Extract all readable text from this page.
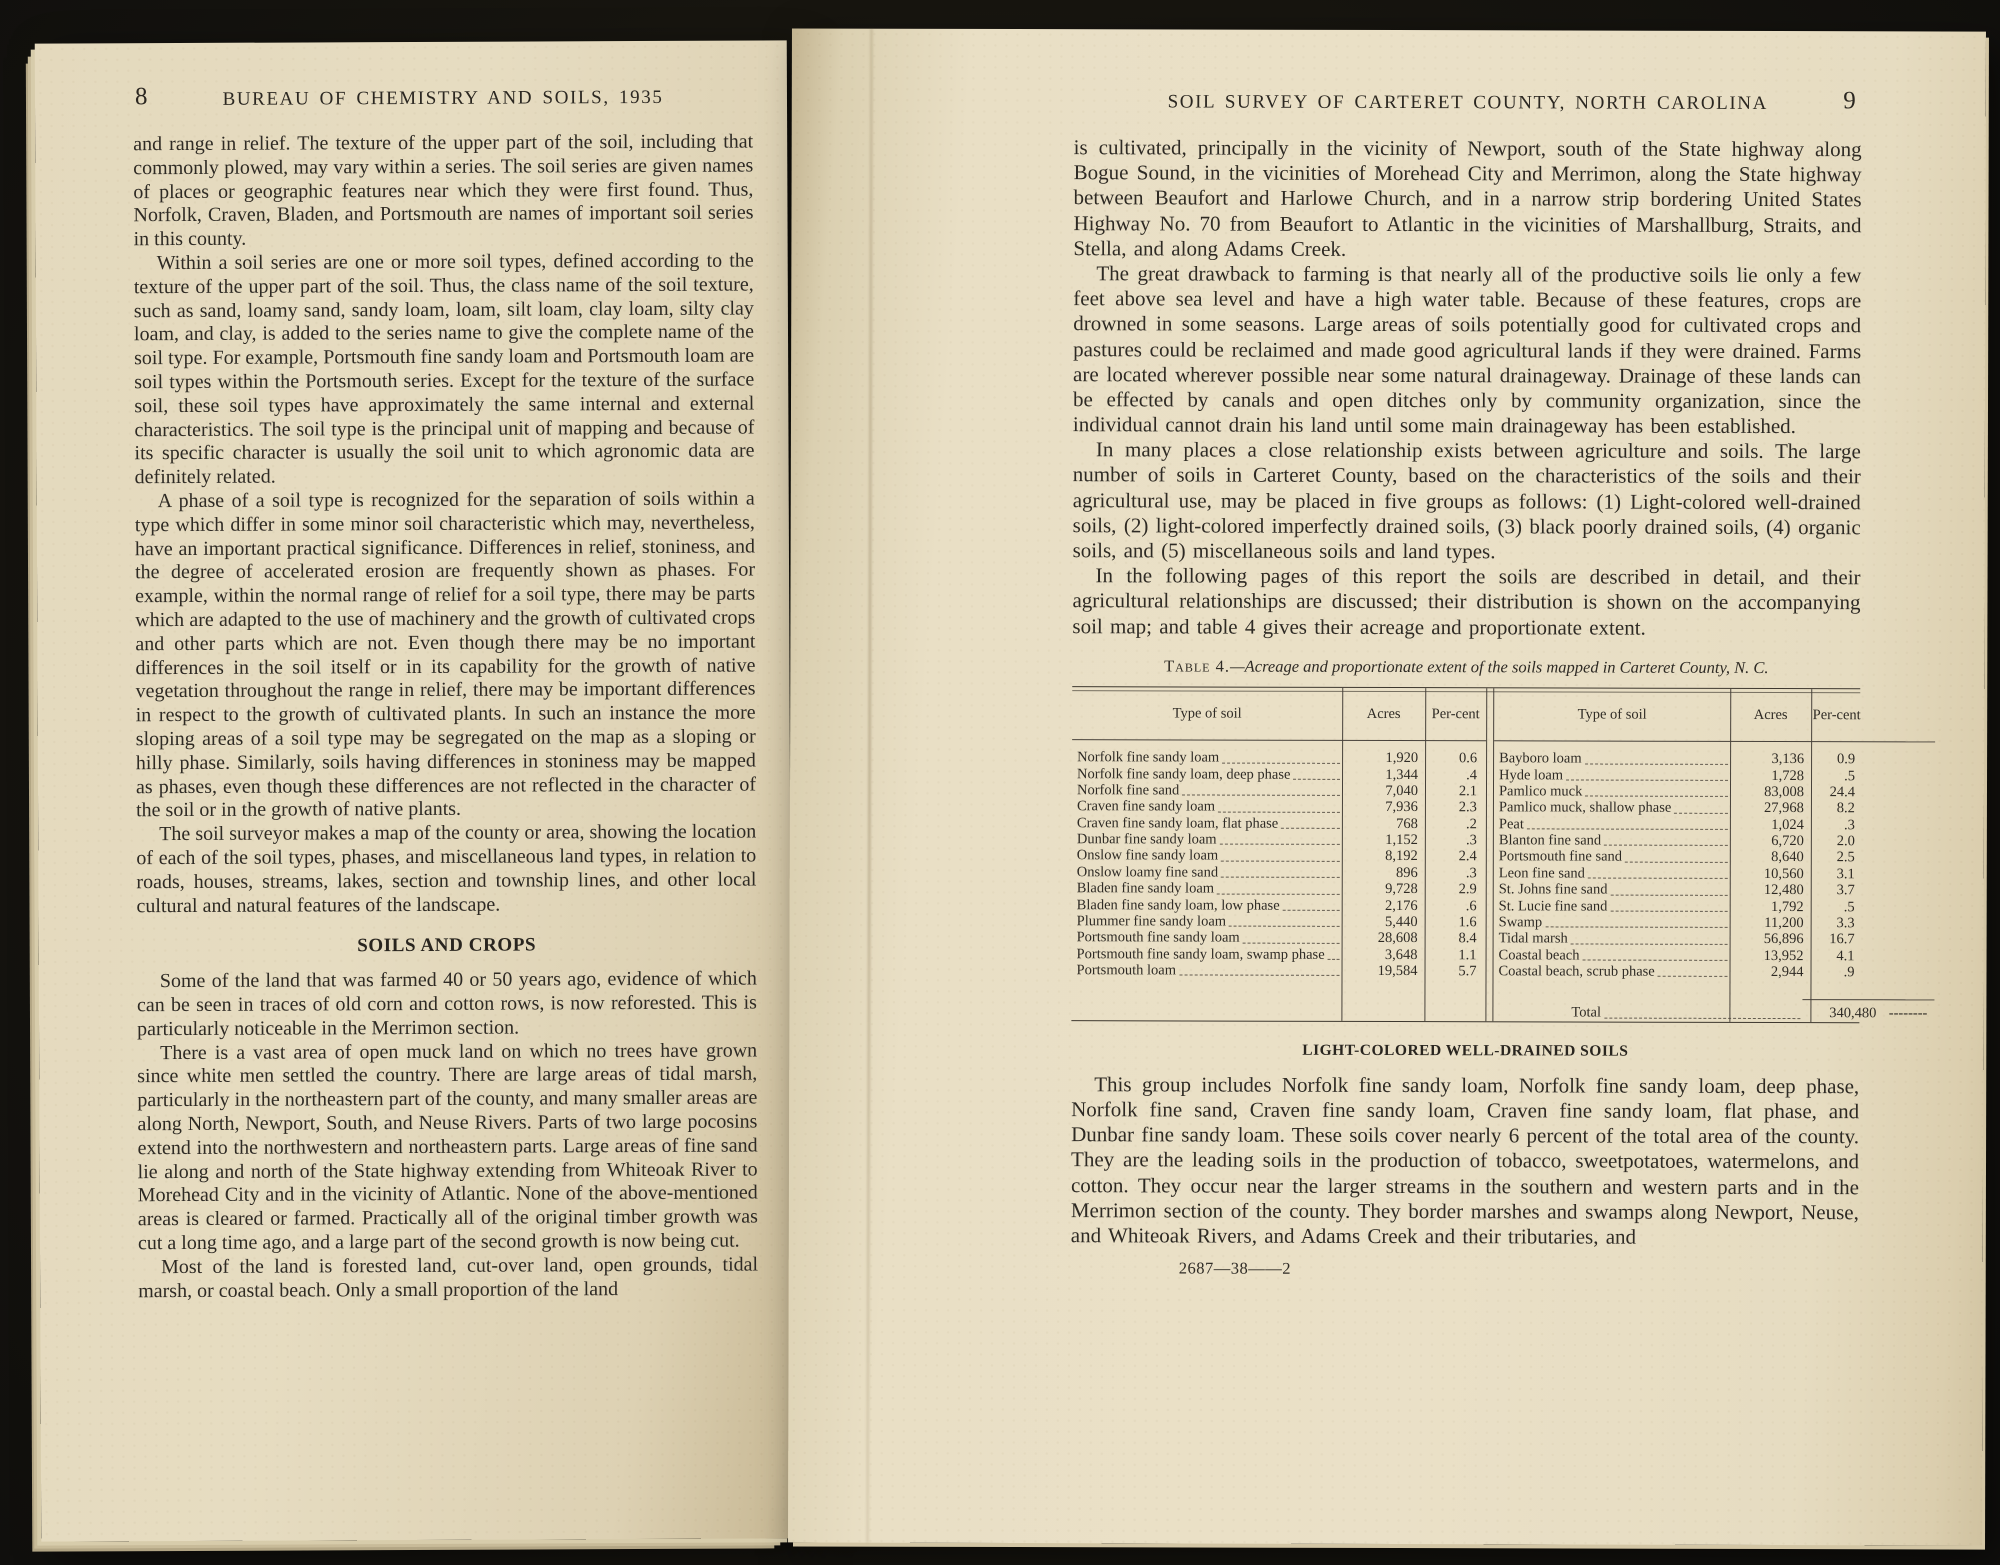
8	BUREAU OF CHEMISTRY AND SOILS, 1935

and range in relief. The texture of the upper part of the soil, including that commonly plowed, may vary within a series. The soil series are given names of places or geographic features near which they were first found. Thus, Norfolk, Craven, Bladen, and Portsmouth are names of important soil series in this county.

Within a soil series are one or more soil types, defined according to the texture of the upper part of the soil. Thus, the class name of the soil texture, such as sand, loamy sand, sandy loam, loam, silt loam, clay loam, silty clay loam, and clay, is added to the series name to give the complete name of the soil type. For example, Portsmouth fine sandy loam and Portsmouth loam are soil types within the Portsmouth series. Except for the texture of the surface soil, these soil types have approximately the same internal and external characteristics. The soil type is the principal unit of mapping and because of its specific character is usually the soil unit to which agronomic data are definitely related.

A phase of a soil type is recognized for the separation of soils within a type which differ in some minor soil characteristic which may, nevertheless, have an important practical significance. Differences in relief, stoniness, and the degree of accelerated erosion are frequently shown as phases. For example, within the normal range of relief for a soil type, there may be parts which are adapted to the use of machinery and the growth of cultivated crops and other parts which are not. Even though there may be no important differences in the soil itself or in its capability for the growth of native vegetation throughout the range in relief, there may be important differences in respect to the growth of cultivated plants. In such an instance the more sloping areas of a soil type may be segregated on the map as a sloping or hilly phase. Similarly, soils having differences in stoniness may be mapped as phases, even though these differences are not reflected in the character of the soil or in the growth of native plants.

The soil surveyor makes a map of the county or area, showing the location of each of the soil types, phases, and miscellaneous land types, in relation to roads, houses, streams, lakes, section and township lines, and other local cultural and natural features of the landscape.

SOILS AND CROPS

Some of the land that was farmed 40 or 50 years ago, evidence of which can be seen in traces of old corn and cotton rows, is now reforested. This is particularly noticeable in the Merrimon section.

There is a vast area of open muck land on which no trees have grown since white men settled the country. There are large areas of tidal marsh, particularly in the northeastern part of the county, and many smaller areas are along North, Newport, South, and Neuse Rivers. Parts of two large pocosins extend into the northwestern and northeastern parts. Large areas of fine sand lie along and north of the State highway extending from Whiteoak River to Morehead City and in the vicinity of Atlantic. None of the above-mentioned areas is cleared or farmed. Practically all of the original timber growth was cut a long time ago, and a large part of the second growth is now being cut.

Most of the land is forested land, cut-over land, open grounds, tidal marsh, or coastal beach. Only a small proportion of the land

SOIL SURVEY OF CARTERET COUNTY, NORTH CAROLINA	9

is cultivated, principally in the vicinity of Newport, south of the State highway along Bogue Sound, in the vicinities of Morehead City and Merrimon, along the State highway between Beaufort and Harlowe Church, and in a narrow strip bordering United States Highway No. 70 from Beaufort to Atlantic in the vicinities of Marshallburg, Straits, and Stella, and along Adams Creek.

The great drawback to farming is that nearly all of the productive soils lie only a few feet above sea level and have a high water table. Because of these features, crops are drowned in some seasons. Large areas of soils potentially good for cultivated crops and pastures could be reclaimed and made good agricultural lands if they were drained. Farms are located wherever possible near some natural drainageway. Drainage of these lands can be effected by canals and open ditches only by community organization, since the individual cannot drain his land until some main drainageway has been established.

In many places a close relationship exists between agriculture and soils. The large number of soils in Carteret County, based on the characteristics of the soils and their agricultural use, may be placed in five groups as follows: (1) Light-colored well-drained soils, (2) light-colored imperfectly drained soils, (3) black poorly drained soils, (4) organic soils, and (5) miscellaneous soils and land types.

In the following pages of this report the soils are described in detail, and their agricultural relationships are discussed; their distribution is shown on the accompanying soil map; and table 4 gives their acreage and proportionate extent.

Table 4.—Acreage and proportionate extent of the soils mapped in Carteret County, N. C.
Type of soil	Acres	Per-cent
Norfolk fine sandy loam	1,920	0.6
Norfolk fine sandy loam, deep phase	1,344	.4
Norfolk fine sand	7,040	2.1
Craven fine sandy loam	7,936	2.3
Craven fine sandy loam, flat phase	768	.2
Dunbar fine sandy loam	1,152	.3
Onslow fine sandy loam	8,192	2.4
Onslow loamy fine sand	896	.3
Bladen fine sandy loam	9,728	2.9
Bladen fine sandy loam, low phase	2,176	.6
Plummer fine sandy loam	5,440	1.6
Portsmouth fine sandy loam	28,608	8.4
Portsmouth fine sandy loam, swamp phase	3,648	1.1
Portsmouth loam	19,584	5.7
Type of soil	Acres	Per-cent
Bayboro loam	3,136	0.9
Hyde loam	1,728	.5
Pamlico muck	83,008	24.4
Pamlico muck, shallow phase	27,968	8.2
Peat	1,024	.3
Blanton fine sand	6,720	2.0
Portsmouth fine sand	8,640	2.5
Leon fine sand	10,560	3.1
St. Johns fine sand	12,480	3.7
St. Lucie fine sand	1,792	.5
Swamp	11,200	3.3
Tidal marsh	56,896	16.7
Coastal beach	13,952	4.1
Coastal beach, scrub phase	2,944	.9
Total	340,480 --------
LIGHT-COLORED WELL-DRAINED SOILS

This group includes Norfolk fine sandy loam, Norfolk fine sandy loam, deep phase, Norfolk fine sand, Craven fine sandy loam, Craven fine sandy loam, flat phase, and Dunbar fine sandy loam. These soils cover nearly 6 percent of the total area of the county. They are the leading soils in the production of tobacco, sweetpotatoes, watermelons, and cotton. They occur near the larger streams in the southern and western parts and in the Merrimon section of the county. They border marshes and swamps along Newport, Neuse, and Whiteoak Rivers, and Adams Creek and their tributaries, and

2687—38——2
